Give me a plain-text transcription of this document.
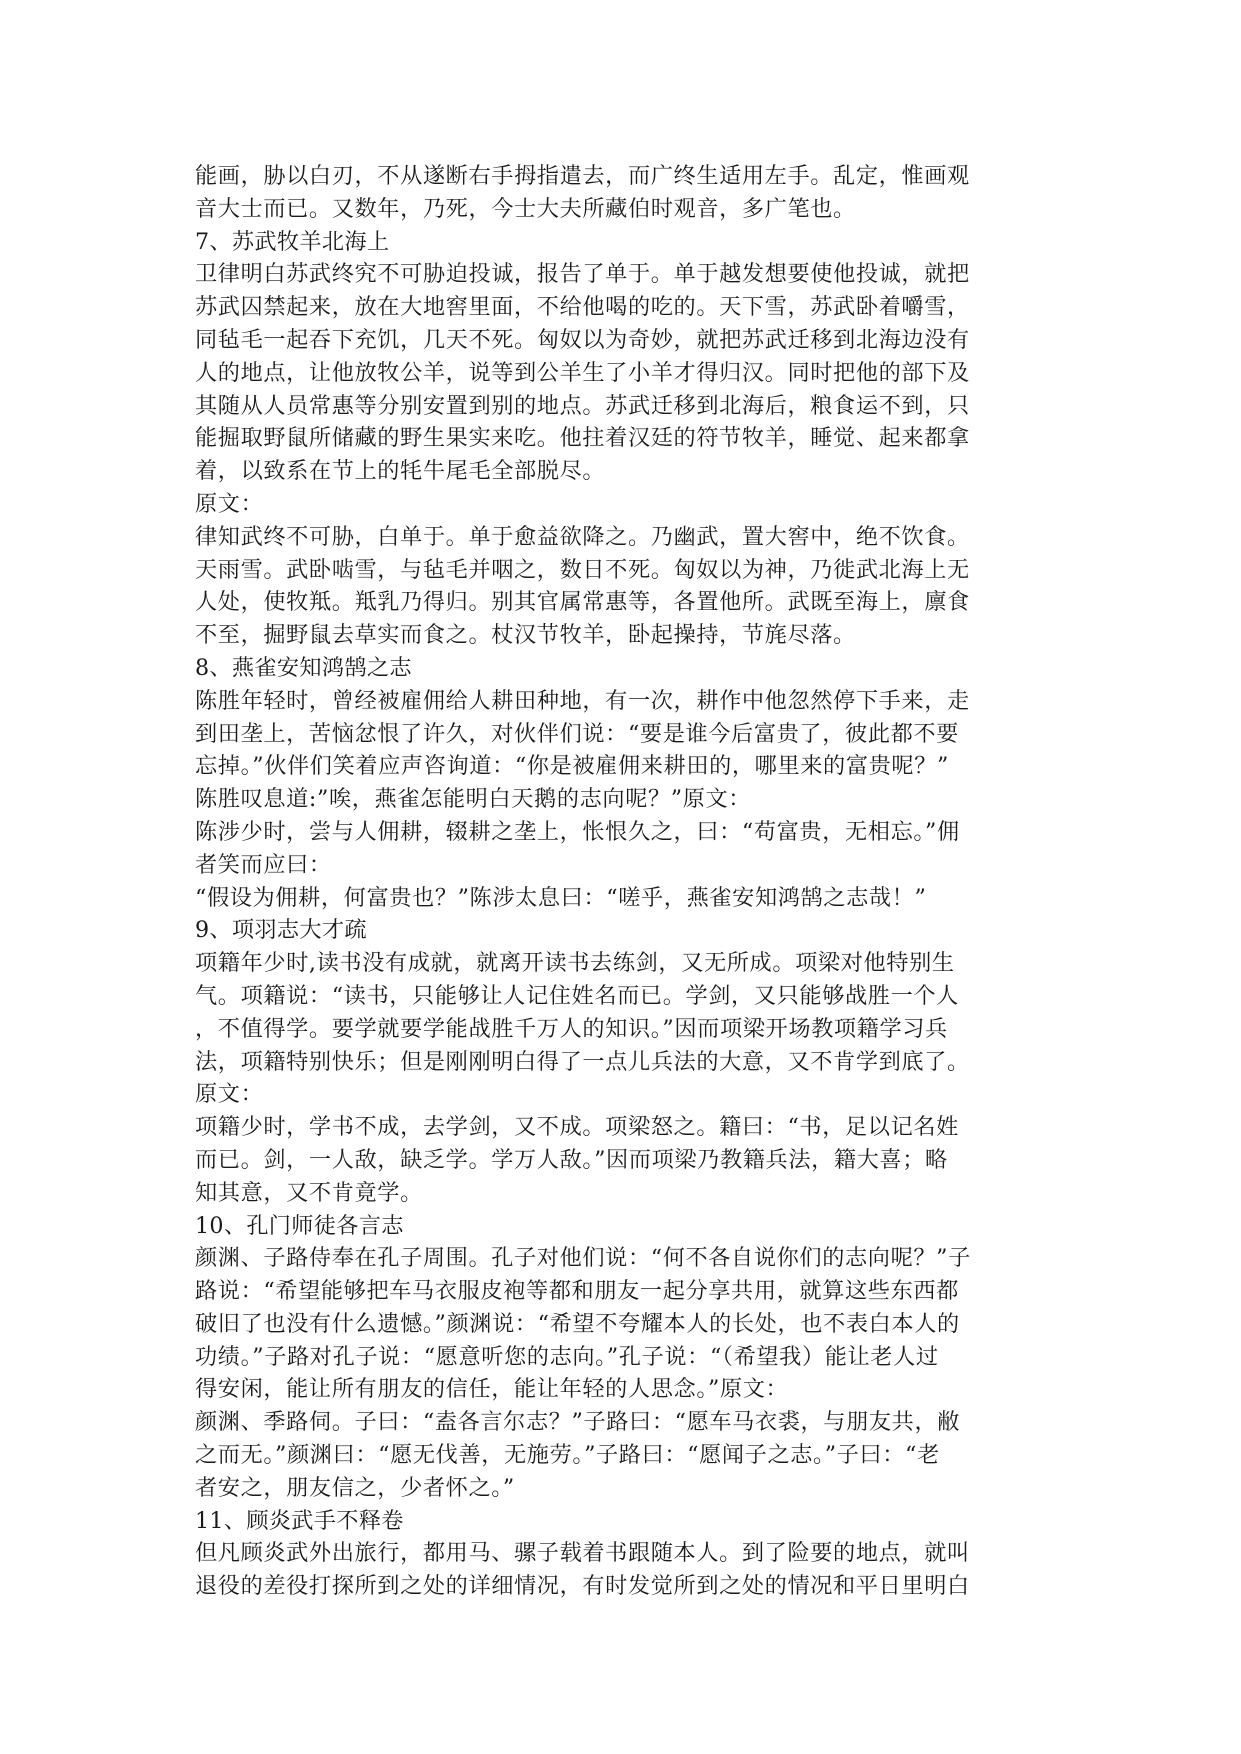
能画，胁以白刃，不从遂断右手拇指遣去，而广终生适用左手。乱定，惟画观

音大士而已。又数年，乃死，今士大夫所藏伯时观音，多广笔也。

7、苏武牧羊北海上

卫律明白苏武终究不可胁迫投诚，报告了单于。单于越发想要使他投诚，就把

苏武囚禁起来，放在大地窖里面，不给他喝的吃的。天下雪，苏武卧着嚼雪，

同毡毛一起吞下充饥，几天不死。匈奴以为奇妙，就把苏武迁移到北海边没有

人的地点，让他放牧公羊，说等到公羊生了小羊才得归汉。同时把他的部下及

其随从人员常惠等分别安置到别的地点。苏武迁移到北海后，粮食运不到，只

能掘取野鼠所储藏的野生果实来吃。他拄着汉廷的符节牧羊，睡觉、起来都拿

着，以致系在节上的牦牛尾毛全部脱尽。

原文：

律知武终不可胁，白单于。单于愈益欲降之。乃幽武，置大窖中，绝不饮食。

天雨雪。武卧啮雪，与毡毛并咽之，数日不死。匈奴以为神，乃徙武北海上无

人处，使牧羝。羝乳乃得归。别其官属常惠等，各置他所。武既至海上，廪食

不至，掘野鼠去草实而食之。杖汉节牧羊，卧起操持，节旄尽落。

8、燕雀安知鸿鹄之志

陈胜年轻时，曾经被雇佣给人耕田种地，有一次，耕作中他忽然停下手来，走

到田垄上，苦恼忿恨了许久，对伙伴们说：“要是谁今后富贵了，彼此都不要

忘掉。”伙伴们笑着应声咨询道：“你是被雇佣来耕田的，哪里来的富贵呢？”

陈胜叹息道:”唉，燕雀怎能明白天鹅的志向呢？”原文：

陈涉少时，尝与人佣耕，辍耕之垄上，怅恨久之，曰：“苟富贵，无相忘。”佣

者笑而应曰：

“假设为佣耕，何富贵也？”陈涉太息曰：“嗟乎，燕雀安知鸿鹄之志哉！”

9、项羽志大才疏

项籍年少时,读书没有成就，就离开读书去练剑，又无所成。项梁对他特别生

气。项籍说：“读书，只能够让人记住姓名而已。学剑，又只能够战胜一个人

，不值得学。要学就要学能战胜千万人的知识。”因而项梁开场教项籍学习兵

法，项籍特别快乐；但是刚刚明白得了一点儿兵法的大意，又不肯学到底了。

原文：

项籍少时，学书不成，去学剑，又不成。项梁怒之。籍曰：“书，足以记名姓

而已。剑，一人敌，缺乏学。学万人敌。”因而项梁乃教籍兵法，籍大喜；略

知其意，又不肯竟学。

10、孔门师徒各言志

颜渊、子路侍奉在孔子周围。孔子对他们说：“何不各自说你们的志向呢？”子

路说：“希望能够把车马衣服皮袍等都和朋友一起分享共用，就算这些东西都

破旧了也没有什么遗憾。”颜渊说：“希望不夸耀本人的长处，也不表白本人的

功绩。”子路对孔子说：“愿意听您的志向。”孔子说：“（希望我）能让老人过

得安闲，能让所有朋友的信任，能让年轻的人思念。”原文：

颜渊、季路伺。子曰：“盍各言尔志？”子路曰：“愿车马衣裘，与朋友共，敝

之而无。”颜渊曰：“愿无伐善，无施劳。”子路曰：“愿闻子之志。”子曰：“老

者安之，朋友信之，少者怀之。”

11、顾炎武手不释卷

但凡顾炎武外出旅行，都用马、骡子载着书跟随本人。到了险要的地点，就叫

退役的差役打探所到之处的详细情况，有时发觉所到之处的情况和平日里明白
